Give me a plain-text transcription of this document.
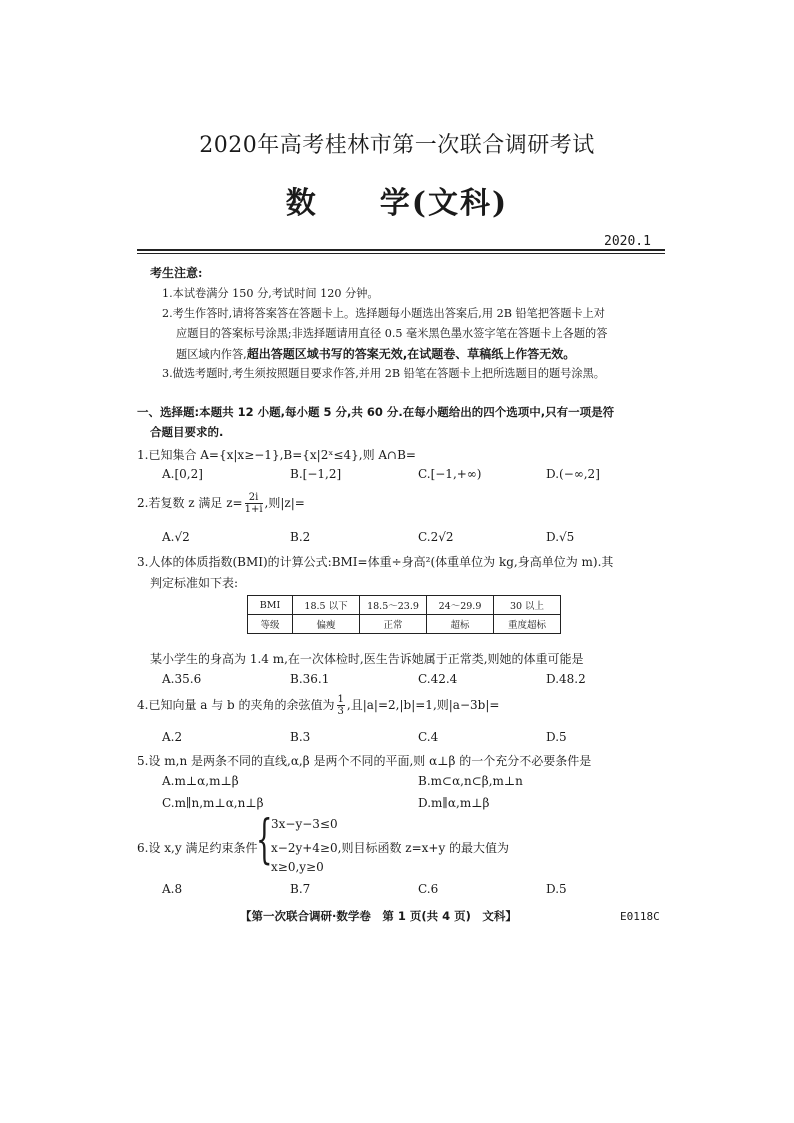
2020年高考桂林市第一次联合调研考试
数 学(文科)
2020.1
考生注意:
1.本试卷满分 150 分,考试时间 120 分钟。
2.考生作答时,请将答案答在答题卡上。选择题每小题选出答案后,用 2B 铅笔把答题卡上对
应题目的答案标号涂黑;非选择题请用直径 0.5 毫米黑色墨水签字笔在答题卡上各题的答
题区域内作答,超出答题区域书写的答案无效,在试题卷、草稿纸上作答无效。
3.做选考题时,考生须按照题目要求作答,并用 2B 铅笔在答题卡上把所选题目的题号涂黑。
一、选择题:本题共 12 小题,每小题 5 分,共 60 分.在每小题给出的四个选项中,只有一项是符
合题目要求的.
1.已知集合 A={x|x≥−1},B={x|2ˣ≤4},则 A∩B=
A.[0,2]	B.[−1,2]	C.[−1,+∞)	D.(−∞,2]
2.若复数 z 满足 $z= \frac{2i}{1+i}$ ,则|z|=
A.√2	B.2	C.2√2	D.√5
3.人体的体质指数(BMI)的计算公式:BMI=体重÷身高²(体重单位为 kg,身高单位为 m).其
判定标准如下表:
BMI	18.5 以下	18.5～23.9	24～29.9	30 以上
等级	偏瘦	正常	超标	重度超标
某小学生的身高为 1.4 m,在一次体检时,医生告诉她属于正常类,则她的体重可能是
A.35.6	B.36.1	C.42.4	D.48.2
4.已知向量 a 与 b 的夹角的余弦值为 $\frac{1}{3}$ ,且|a|=2,|b|=1,则|a−3b|=
A.2	B.3	C.4	D.5
5.设 m,n 是两条不同的直线,α,β 是两个不同的平面,则 α⊥β 的一个充分不必要条件是
A.m⊥α,m⊥β	B.m⊂α,n⊂β,m⊥n
C.m∥n,m⊥α,n⊥β	D.m∥α,m⊥β
{
3x−y−3≤0
6.设 x,y 满足约束条件 x−2y+4≥0,则目标函数 z=x+y 的最大值为
x≥0,y≥0
A.8	B.7	C.6	D.5
【第一次联合调研·数学卷　第 1 页(共 4 页)　文科】	E0118C
